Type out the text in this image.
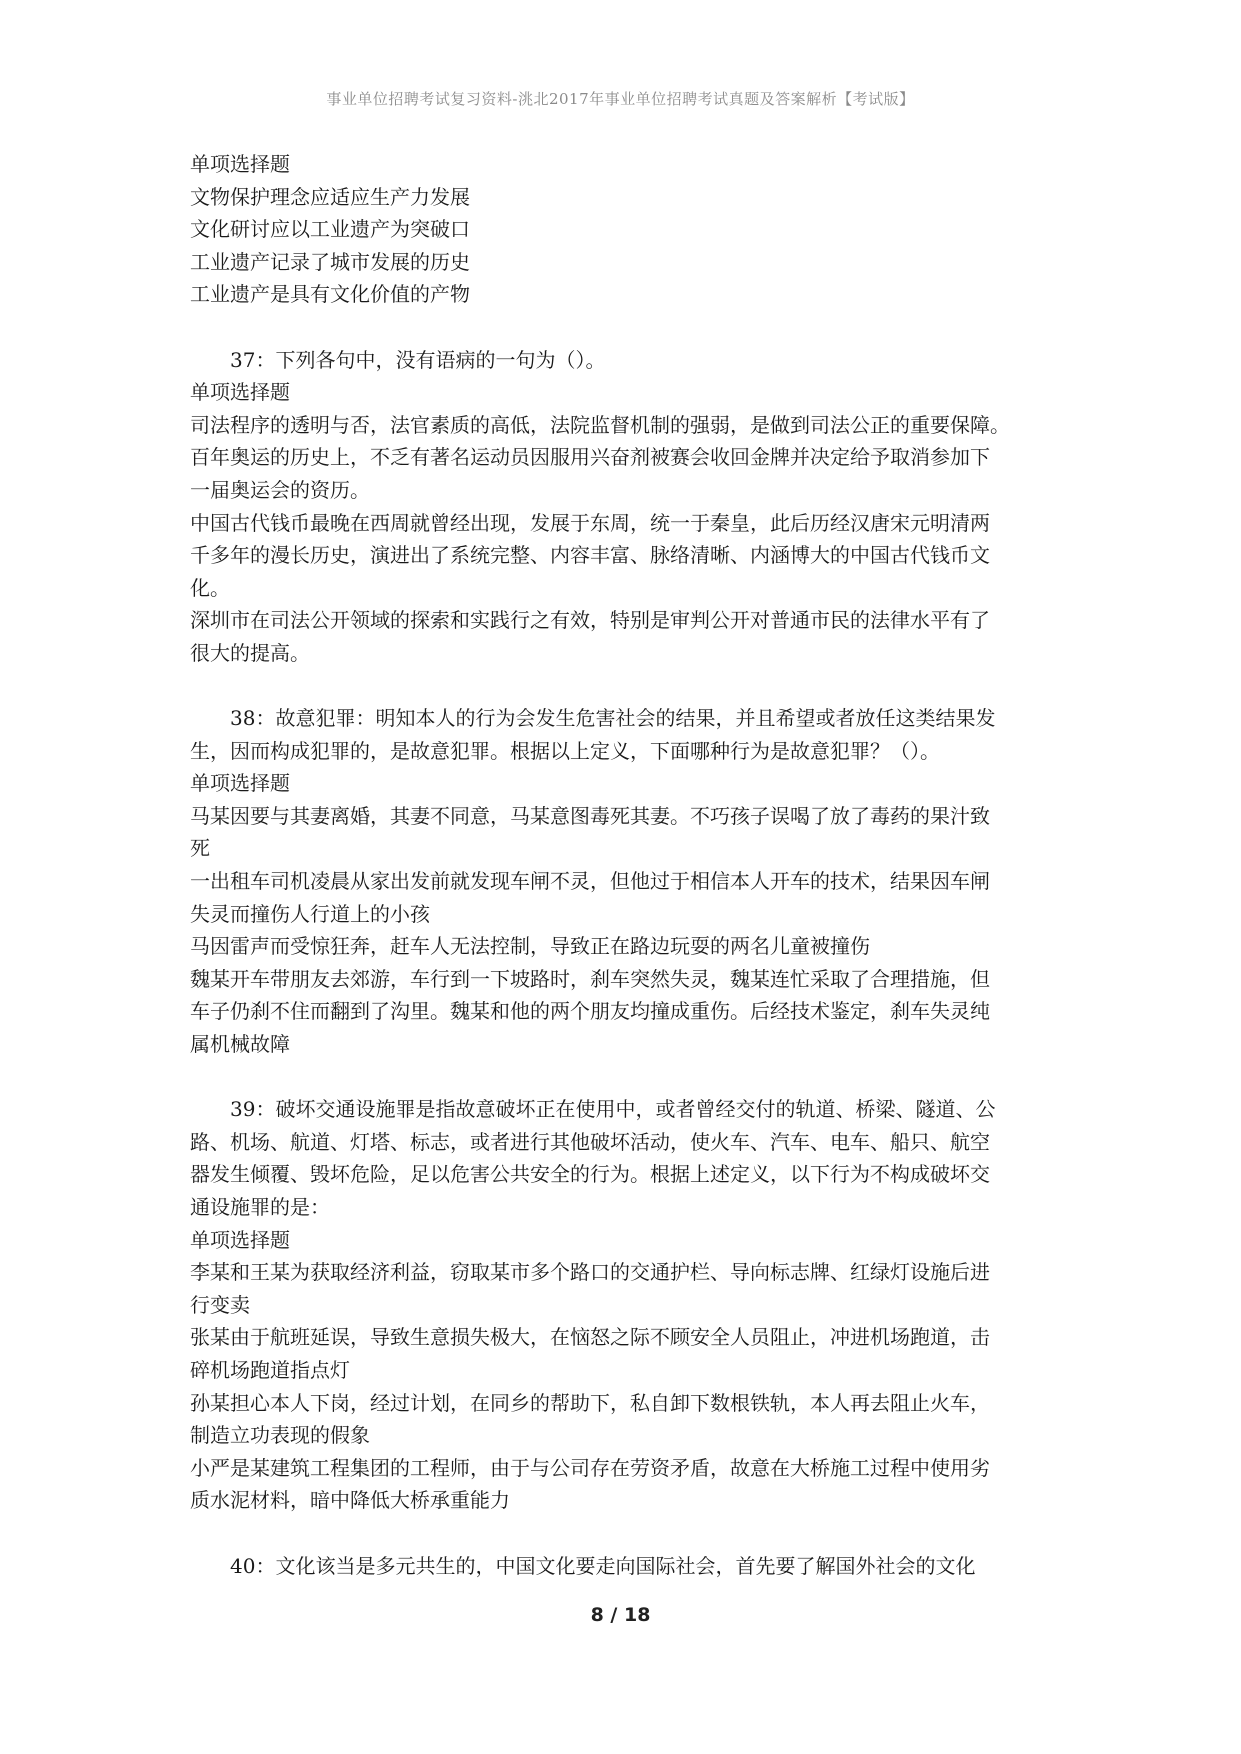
事业单位招聘考试复习资料-洮北2017年事业单位招聘考试真题及答案解析【考试版】
单项选择题
文物保护理念应适应生产力发展
文化研讨应以工业遗产为突破口
工业遗产记录了城市发展的历史
工业遗产是具有文化价值的产物
37：下列各句中，没有语病的一句为（）。
单项选择题
司法程序的透明与否，法官素质的高低，法院监督机制的强弱，是做到司法公正的重要保障。
百年奥运的历史上，不乏有著名运动员因服用兴奋剂被赛会收回金牌并决定给予取消参加下
一届奥运会的资历。
中国古代钱币最晚在西周就曾经出现，发展于东周，统一于秦皇，此后历经汉唐宋元明清两
千多年的漫长历史，演进出了系统完整、内容丰富、脉络清晰、内涵博大的中国古代钱币文
化。
深圳市在司法公开领域的探索和实践行之有效，特别是审判公开对普通市民的法律水平有了
很大的提高。
38：故意犯罪：明知本人的行为会发生危害社会的结果，并且希望或者放任这类结果发
生，因而构成犯罪的，是故意犯罪。根据以上定义，下面哪种行为是故意犯罪？（）。
单项选择题
马某因要与其妻离婚，其妻不同意，马某意图毒死其妻。不巧孩子误喝了放了毒药的果汁致
死
一出租车司机凌晨从家出发前就发现车闸不灵，但他过于相信本人开车的技术，结果因车闸
失灵而撞伤人行道上的小孩
马因雷声而受惊狂奔，赶车人无法控制，导致正在路边玩耍的两名儿童被撞伤
魏某开车带朋友去郊游，车行到一下坡路时，刹车突然失灵，魏某连忙采取了合理措施，但
车子仍刹不住而翻到了沟里。魏某和他的两个朋友均撞成重伤。后经技术鉴定，刹车失灵纯
属机械故障
39：破坏交通设施罪是指故意破坏正在使用中，或者曾经交付的轨道、桥梁、隧道、公
路、机场、航道、灯塔、标志，或者进行其他破坏活动，使火车、汽车、电车、船只、航空
器发生倾覆、毁坏危险，足以危害公共安全的行为。根据上述定义，以下行为不构成破坏交
通设施罪的是：
单项选择题
李某和王某为获取经济利益，窃取某市多个路口的交通护栏、导向标志牌、红绿灯设施后进
行变卖
张某由于航班延误，导致生意损失极大，在恼怒之际不顾安全人员阻止，冲进机场跑道，击
碎机场跑道指点灯
孙某担心本人下岗，经过计划，在同乡的帮助下，私自卸下数根铁轨，本人再去阻止火车，
制造立功表现的假象
小严是某建筑工程集团的工程师，由于与公司存在劳资矛盾，故意在大桥施工过程中使用劣
质水泥材料，暗中降低大桥承重能力
40：文化该当是多元共生的，中国文化要走向国际社会，首先要了解国外社会的文化
8 / 18
